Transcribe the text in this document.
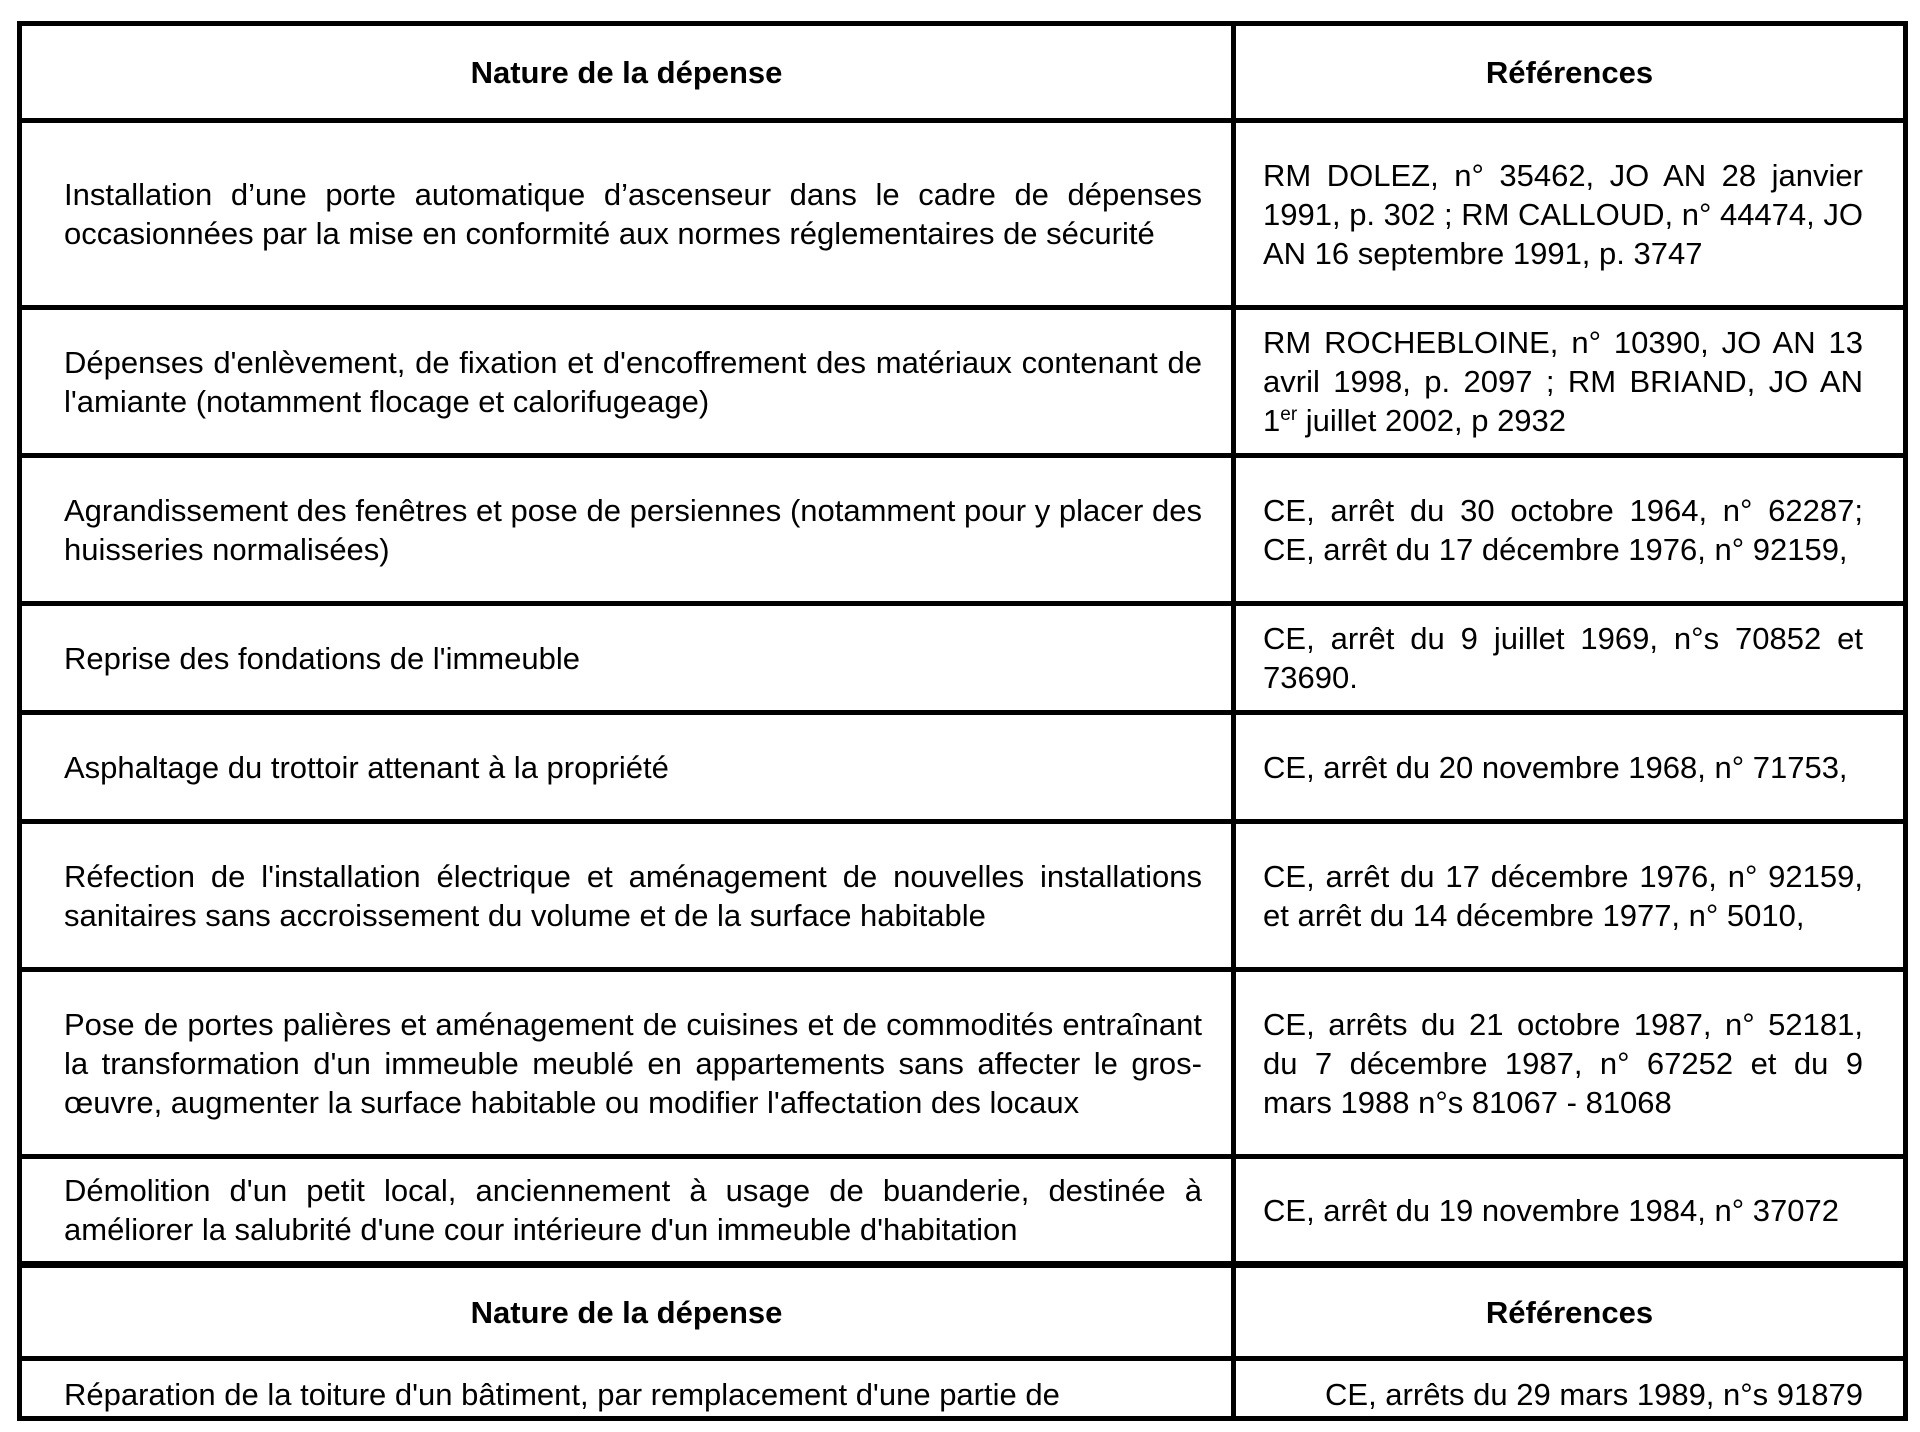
Nature de la dépense	Références
Installation d’une porte automatique d’ascenseur dans le cadre de dépenses occasionnées par la mise en conformité aux normes réglementaires de sécurité	RM DOLEZ, n° 35462, JO AN 28 janvier 1991, p. 302 ; RM CALLOUD, n° 44474, JO AN 16 septembre 1991, p. 3747
Dépenses d'enlèvement, de fixation et d'encoffrement des matériaux contenant de l'amiante (notamment flocage et calorifugeage)	RM ROCHEBLOINE, n° 10390, JO AN 13 avril 1998, p. 2097 ; RM BRIAND, JO AN 1er juillet 2002, p 2932
Agrandissement des fenêtres et pose de persiennes (notamment pour y placer des huisseries normalisées)	CE, arrêt du 30 octobre 1964, n° 62287; CE, arrêt du 17 décembre 1976, n° 92159,
Reprise des fondations de l'immeuble	CE, arrêt du 9 juillet 1969, n°s 70852 et 73690.
Asphaltage du trottoir attenant à la propriété	CE, arrêt du 20 novembre 1968, n° 71753,
Réfection de l'installation électrique et aménagement de nouvelles installations sanitaires sans accroissement du volume et de la surface habitable	CE, arrêt du 17 décembre 1976, n° 92159, et arrêt du 14 décembre 1977, n° 5010,
Pose de portes palières et aménagement de cuisines et de commodités entraînant la transformation d'un immeuble meublé en appartements sans affecter le gros-œuvre, augmenter la surface habitable ou modifier l'affectation des locaux	CE, arrêts du 21 octobre 1987, n° 52181, du 7 décembre 1987, n° 67252 et du 9 mars 1988 n°s 81067 - 81068
Démolition d'un petit local, anciennement à usage de buanderie, destinée à améliorer la salubrité d'une cour intérieure d'un immeuble d'habitation	CE, arrêt du 19 novembre 1984, n° 37072
Nature de la dépense	Références
Réparation de la toiture d'un bâtiment, par remplacement d'une partie de	CE, arrêts du 29 mars 1989, n°s 91879
